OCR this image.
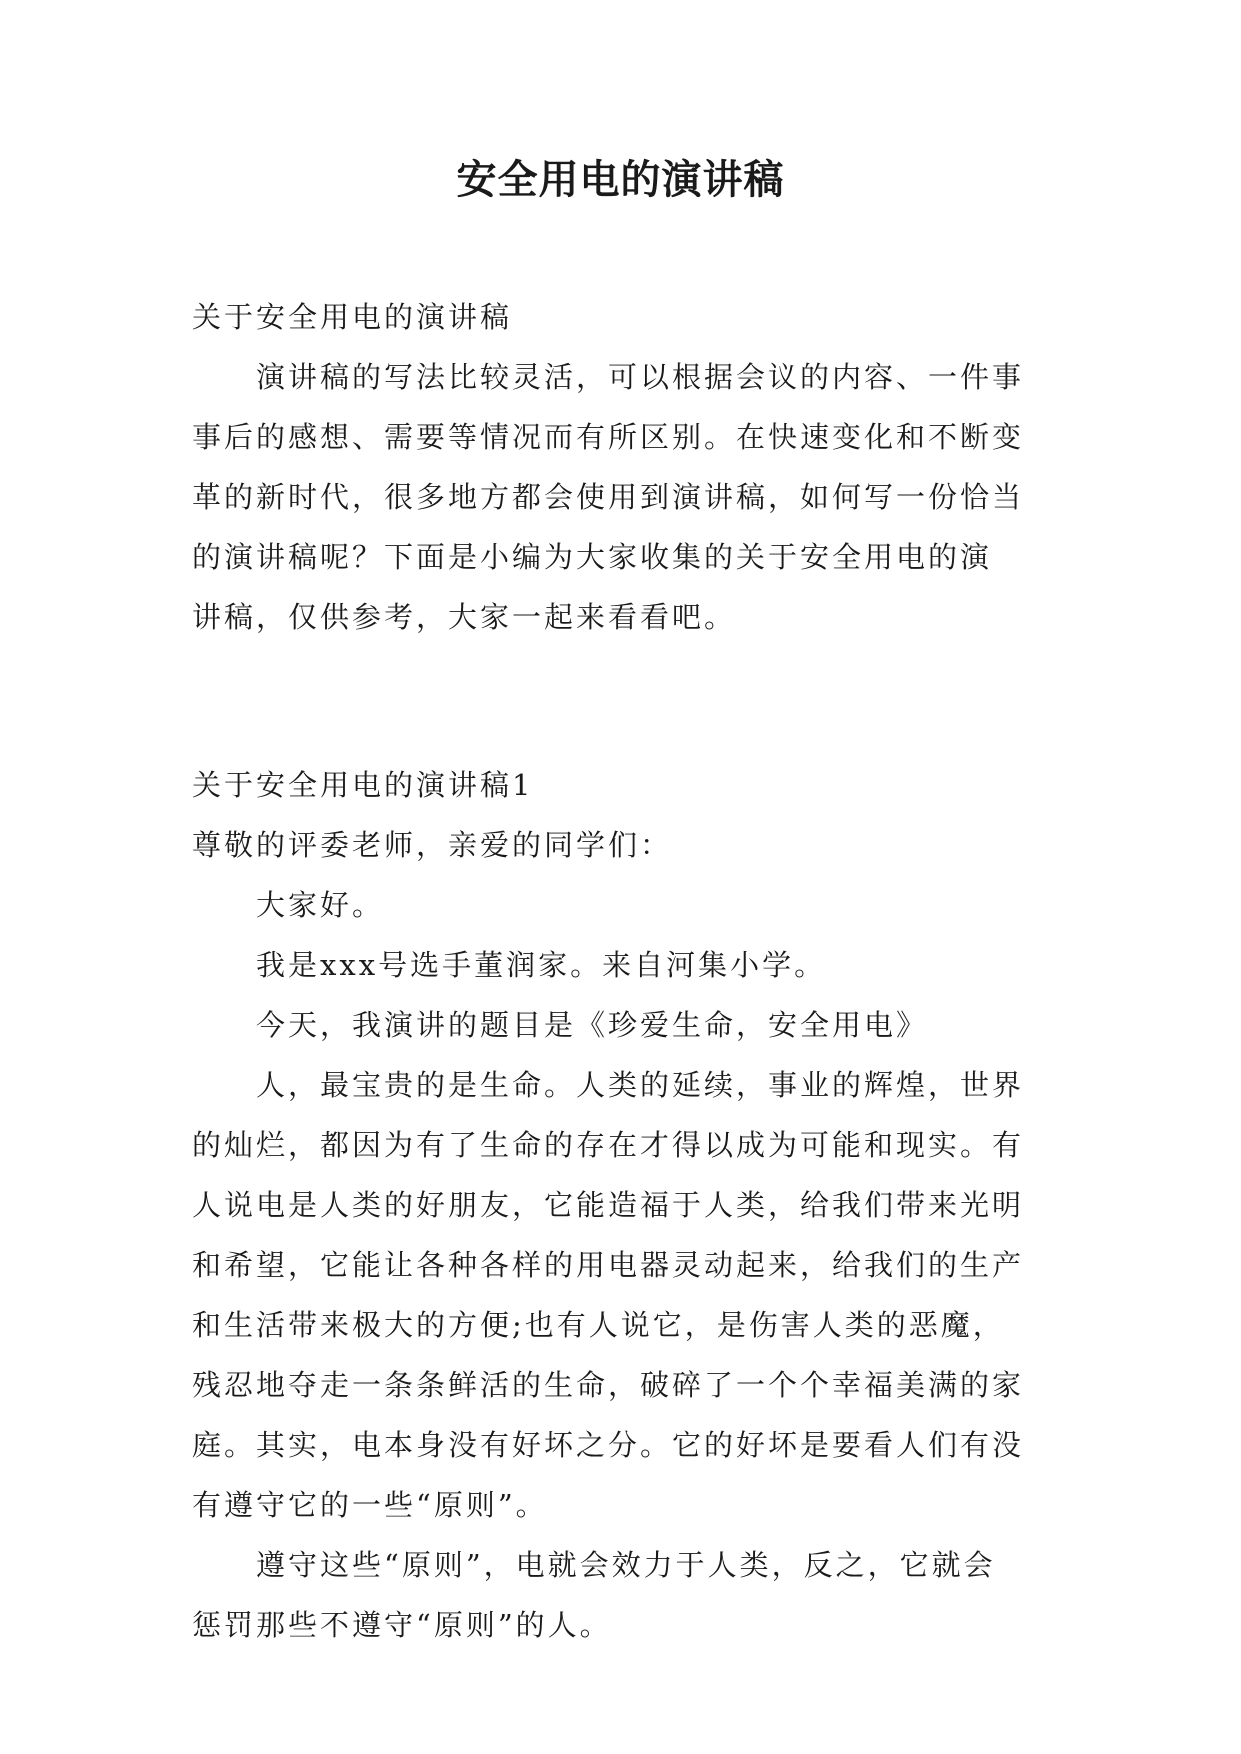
安全用电的演讲稿

关于安全用电的演讲稿

演讲稿的写法比较灵活，可以根据会议的内容、一件事

事后的感想、需要等情况而有所区别。在快速变化和不断变

革的新时代，很多地方都会使用到演讲稿，如何写一份恰当

的演讲稿呢？下面是小编为大家收集的关于安全用电的演

讲稿，仅供参考，大家一起来看看吧。

关于安全用电的演讲稿1

尊敬的评委老师，亲爱的同学们：

大家好。

我是xxx号选手董润家。来自河集小学。

今天，我演讲的题目是《珍爱生命，安全用电》

人，最宝贵的是生命。人类的延续，事业的辉煌，世界

的灿烂，都因为有了生命的存在才得以成为可能和现实。有

人说电是人类的好朋友，它能造福于人类，给我们带来光明

和希望，它能让各种各样的用电器灵动起来，给我们的生产

和生活带来极大的方便;也有人说它，是伤害人类的恶魔，

残忍地夺走一条条鲜活的生命，破碎了一个个幸福美满的家

庭。其实，电本身没有好坏之分。它的好坏是要看人们有没

有遵守它的一些“原则”。

遵守这些“原则”，电就会效力于人类，反之，它就会

惩罚那些不遵守“原则”的人。
